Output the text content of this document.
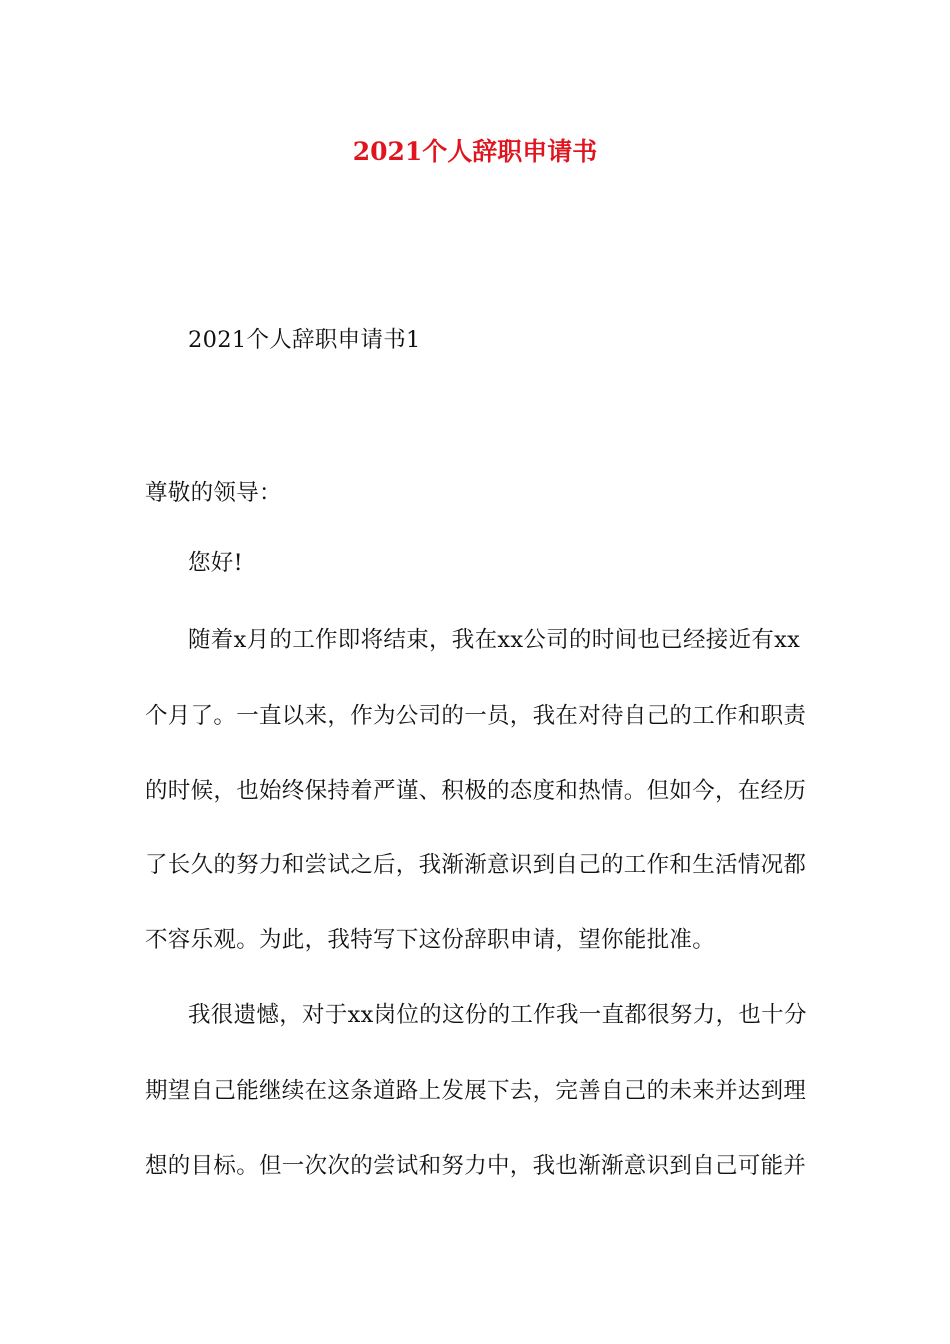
2021个人辞职申请书
2021个人辞职申请书1
尊敬的领导：
您好!
随着x月的工作即将结束，我在xx公司的时间也已经接近有xx
个月了。一直以来，作为公司的一员，我在对待自己的工作和职责
的时候，也始终保持着严谨、积极的态度和热情。但如今，在经历
了长久的努力和尝试之后，我渐渐意识到自己的工作和生活情况都
不容乐观。为此，我特写下这份辞职申请，望你能批准。
我很遗憾，对于xx岗位的这份的工作我一直都很努力，也十分
期望自己能继续在这条道路上发展下去，完善自己的未来并达到理
想的目标。但一次次的尝试和努力中，我也渐渐意识到自己可能并
